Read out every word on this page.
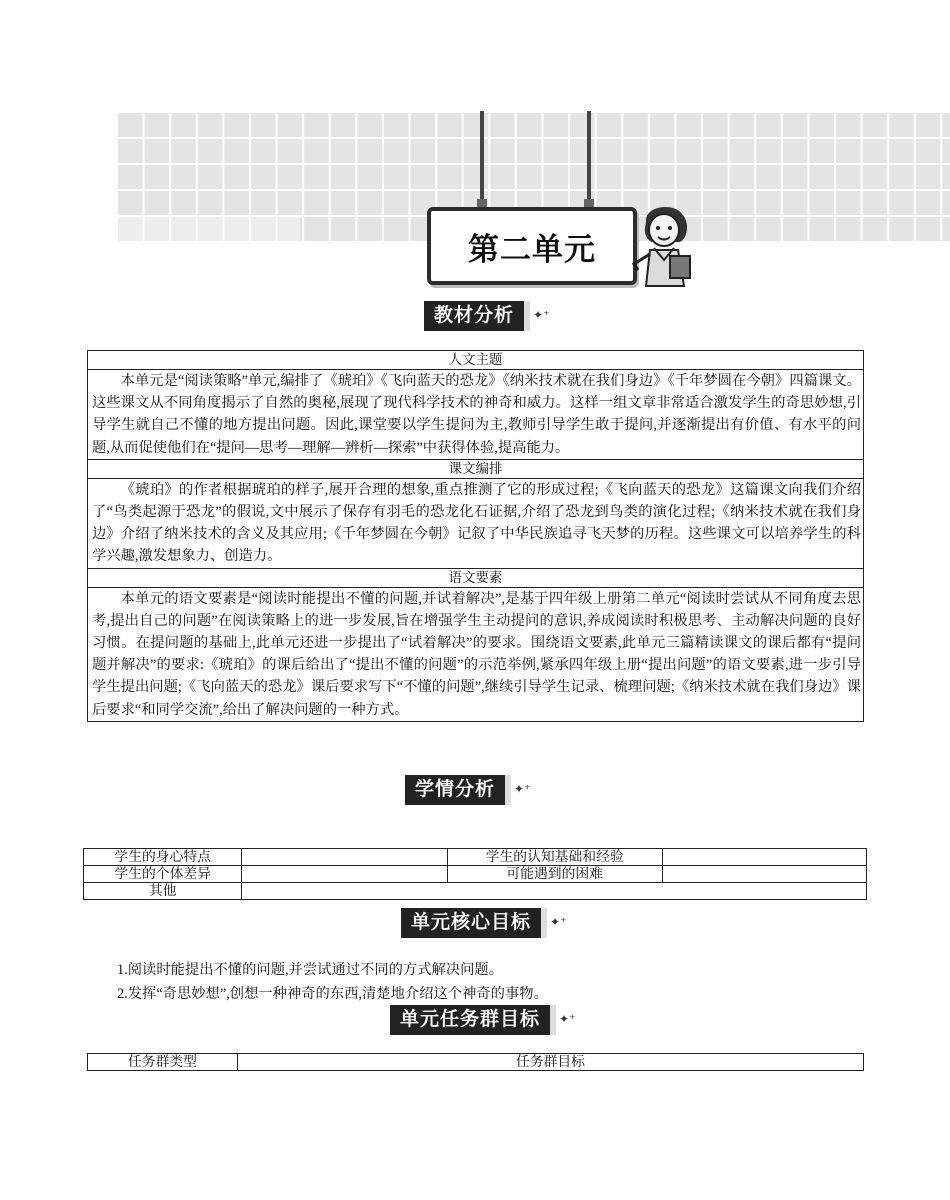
第二单元
教材分析	✦⁺
人文主题
本单元是“阅读策略”单元,编排了《琥珀》《飞向蓝天的恐龙》《纳米技术就在我们身边》《千年梦圆在今朝》四篇课文。这些课文从不同角度揭示了自然的奥秘,展现了现代科学技术的神奇和威力。这样一组文章非常适合激发学生的奇思妙想,引导学生就自己不懂的地方提出问题。因此,课堂要以学生提问为主,教师引导学生敢于提问,并逐渐提出有价值、有水平的问题,从而促使他们在“提问—思考—理解—辨析—探索”中获得体验,提高能力。
课文编排
《琥珀》的作者根据琥珀的样子,展开合理的想象,重点推测了它的形成过程;《飞向蓝天的恐龙》这篇课文向我们介绍了“鸟类起源于恐龙”的假说,文中展示了保存有羽毛的恐龙化石证据,介绍了恐龙到鸟类的演化过程;《纳米技术就在我们身边》介绍了纳米技术的含义及其应用;《千年梦圆在今朝》记叙了中华民族追寻飞天梦的历程。这些课文可以培养学生的科学兴趣,激发想象力、创造力。
语文要素
本单元的语文要素是“阅读时能提出不懂的问题,并试着解决”,是基于四年级上册第二单元“阅读时尝试从不同角度去思考,提出自己的问题”在阅读策略上的进一步发展,旨在增强学生主动提问的意识,养成阅读时积极思考、主动解决问题的良好习惯。在提问题的基础上,此单元还进一步提出了“试着解决”的要求。围绕语文要素,此单元三篇精读课文的课后都有“提问题并解决”的要求:《琥珀》的课后给出了“提出不懂的问题”的示范举例,紧承四年级上册“提出问题”的语文要素,进一步引导学生提出问题;《飞向蓝天的恐龙》课后要求写下“不懂的问题”,继续引导学生记录、梳理问题;《纳米技术就在我们身边》课后要求“和同学交流”,给出了解决问题的一种方式。
学情分析	✦⁺
学生的身心特点		学生的认知基础和经验	
学生的个体差异		可能遇到的困难	
其他			
单元核心目标	✦⁺
1.阅读时能提出不懂的问题,并尝试通过不同的方式解决问题。
2.发挥“奇思妙想”,创想一种神奇的东西,清楚地介绍这个神奇的事物。
单元任务群目标	✦⁺
任务群类型	任务群目标
